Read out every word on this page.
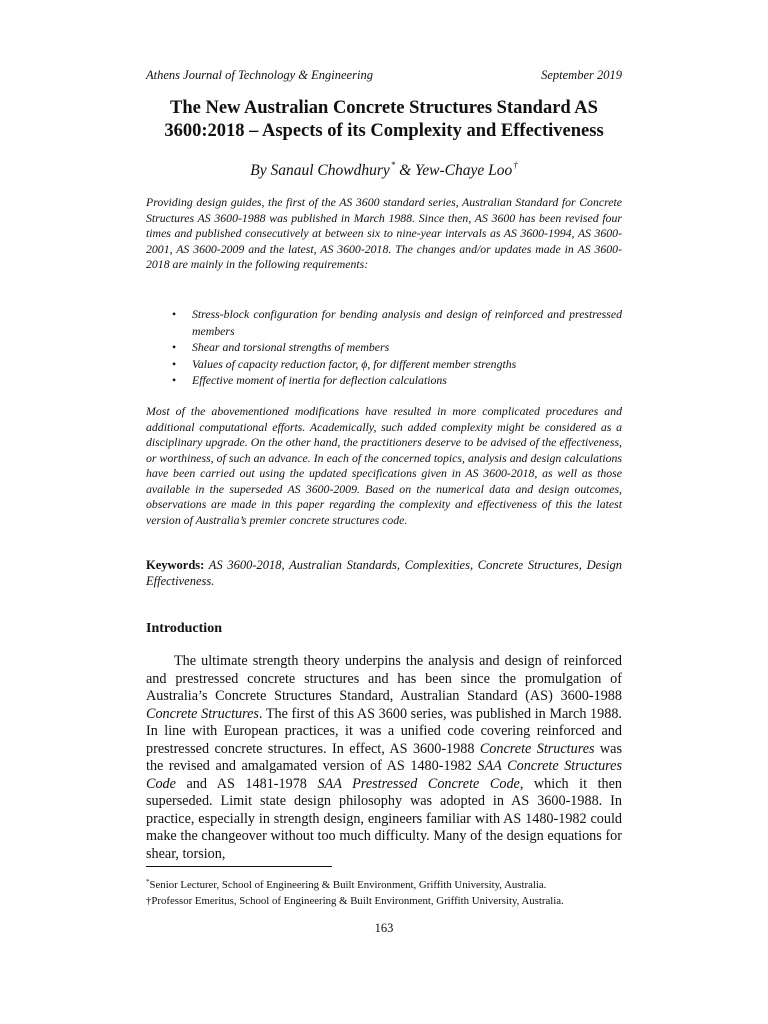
Athens Journal of Technology & Engineering	September 2019
The New Australian Concrete Structures Standard AS
3600:2018 – Aspects of its Complexity and Effectiveness
By Sanaul Chowdhury* & Yew-Chaye Loo†

Providing design guides, the first of the AS 3600 standard series, Australian Standard for Concrete Structures AS 3600-1988 was published in March 1988. Since then, AS 3600 has been revised four times and published consecutively at between six to nine-year intervals as AS 3600-1994, AS 3600-2001, AS 3600-2009 and the latest, AS 3600-2018. The changes and/or updates made in AS 3600-2018 are mainly in the following requirements:

• Stress-block configuration for bending analysis and design of reinforced and prestressed members
• Shear and torsional strengths of members
• Values of capacity reduction factor, ϕ, for different member strengths
• Effective moment of inertia for deflection calculations

Most of the abovementioned modifications have resulted in more complicated procedures and additional computational efforts. Academically, such added complexity might be considered as a disciplinary upgrade. On the other hand, the practitioners deserve to be advised of the effectiveness, or worthiness, of such an advance. In each of the concerned topics, analysis and design calculations have been carried out using the updated specifications given in AS 3600-2018, as well as those available in the superseded AS 3600-2009. Based on the numerical data and design outcomes, observations are made in this paper regarding the complexity and effectiveness of this the latest version of Australia’s premier concrete structures code.

Keywords: AS 3600-2018, Australian Standards, Complexities, Concrete Structures, Design Effectiveness.

Introduction

The ultimate strength theory underpins the analysis and design of reinforced and prestressed concrete structures and has been since the promulgation of Australia’s Concrete Structures Standard, Australian Standard (AS) 3600-1988 Concrete Structures. The first of this AS 3600 series, was published in March 1988. In line with European practices, it was a unified code covering reinforced and prestressed concrete structures. In effect, AS 3600-1988 Concrete Structures was the revised and amalgamated version of AS 1480-1982 SAA Concrete Structures Code and AS 1481-1978 SAA Prestressed Concrete Code, which it then superseded. Limit state design philosophy was adopted in AS 3600-1988. In practice, especially in strength design, engineers familiar with AS 1480-1982 could make the changeover without too much difficulty. Many of the design equations for shear, torsion,

*Senior Lecturer, School of Engineering & Built Environment, Griffith University, Australia.
†Professor Emeritus, School of Engineering & Built Environment, Griffith University, Australia.
163
